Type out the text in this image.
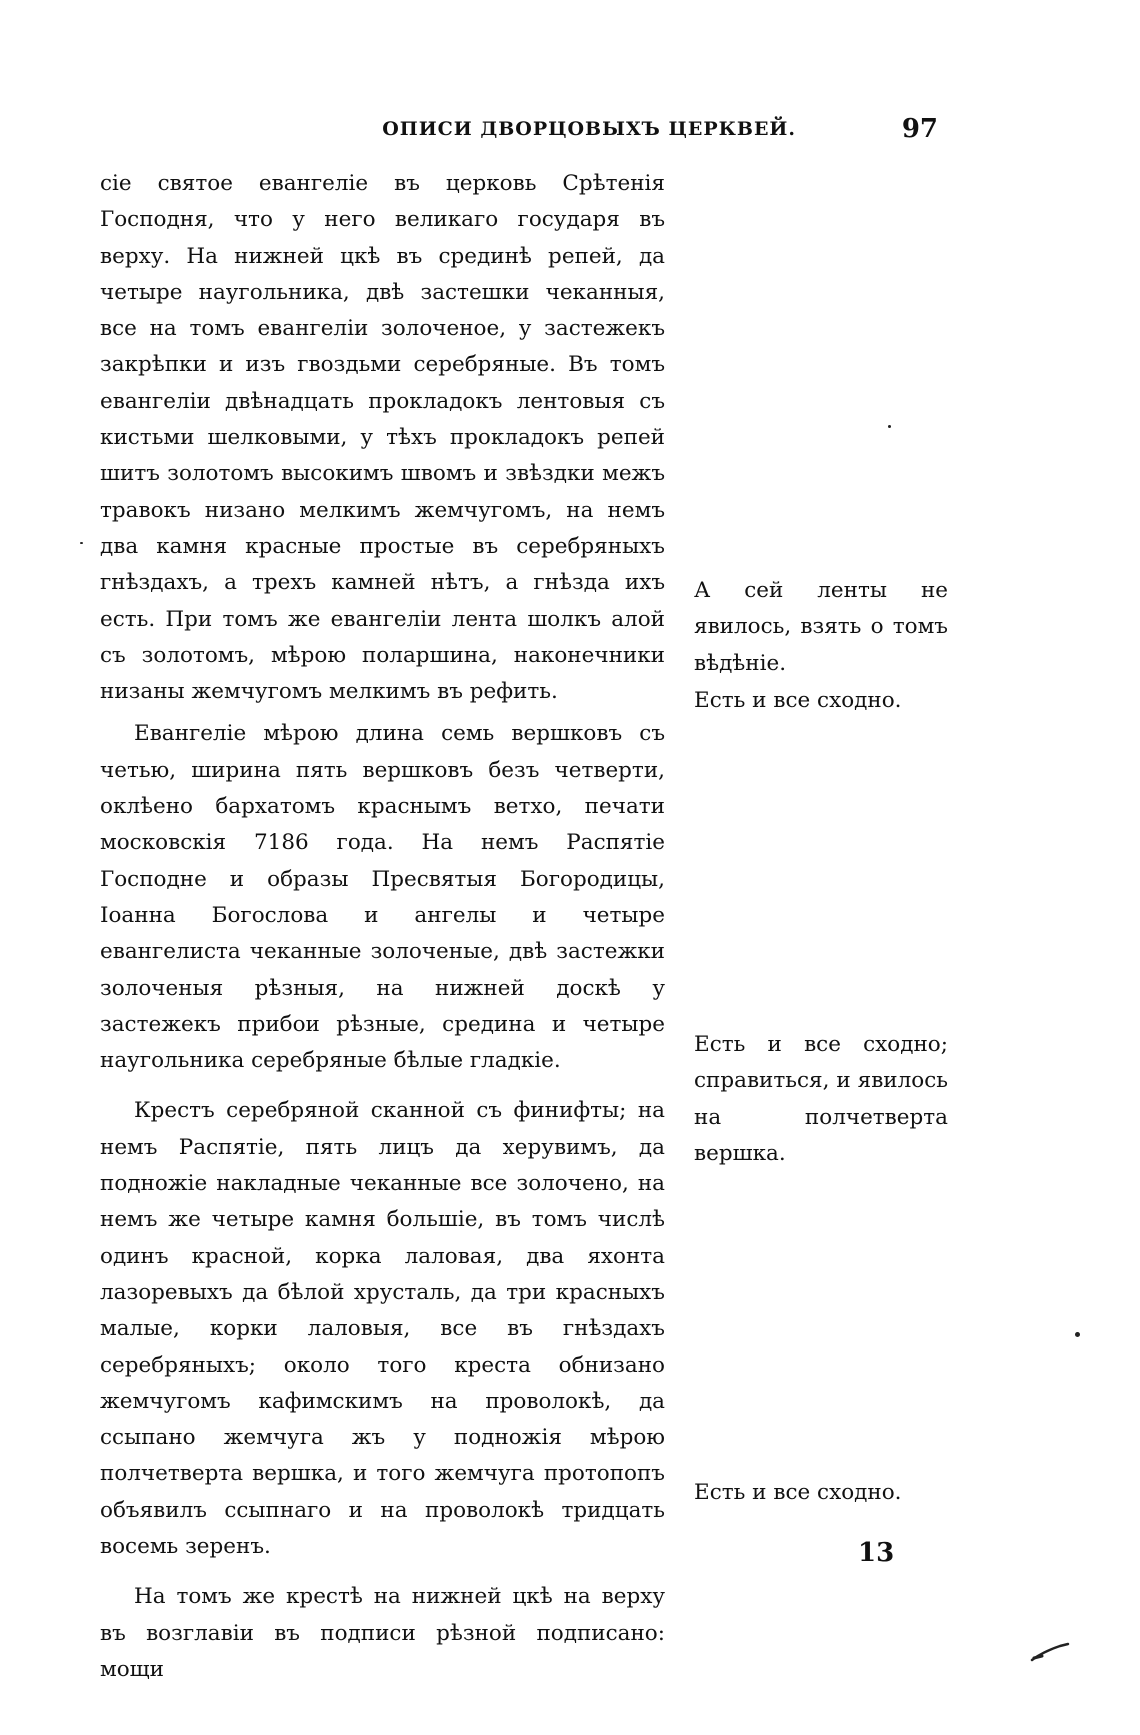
ОПИСИ ДВОРЦОВЫХЪ ЦЕРКВЕЙ.	97

сіе святое евангеліе въ церковь Срѣтенія Господня, что у него великаго государя въ верху. На нижней цкѣ въ срединѣ репей, да четыре наугольника, двѣ застешки чеканныя, все на томъ евангеліи золоченое, у застежекъ закрѣпки и изъ гвоздьми серебряные. Въ томъ евангеліи двѣнадцать прокладокъ лентовыя съ кистьми шелковыми, у тѣхъ прокладокъ репей шитъ золотомъ высокимъ швомъ и звѣздки межъ травокъ низано мелкимъ жемчугомъ, на немъ два камня красные простые въ серебряныхъ гнѣздахъ, а трехъ камней нѣтъ, а гнѣзда ихъ есть. При томъ же евангеліи лента шолкъ алой съ золотомъ, мѣрою поларшина, наконечники низаны жемчугомъ мелкимъ въ рефить.

Евангеліе мѣрою длина семь вершковъ съ четью, ширина пять вершковъ безъ четверти, оклѣено бархатомъ краснымъ ветхо, печати московскія 7186 года. На немъ Распятіе Господне и образы Пресвятыя Богородицы, Іоанна Богослова и ангелы и четыре евангелиста чеканные золоченые, двѣ застежки золоченыя рѣзныя, на нижней доскѣ у застежекъ прибои рѣзные, средина и четыре наугольника серебряные бѣлые гладкіе.

Крестъ серебряной сканной съ финифты; на немъ Распятіе, пять лицъ да херувимъ, да подножіе накладные чеканные все золочено, на немъ же четыре камня большіе, въ томъ числѣ одинъ красной, корка лаловая, два яхонта лазоревыхъ да бѣлой хрусталь, да три красныхъ малые, корки лаловыя, все въ гнѣздахъ серебряныхъ; около того креста обнизано жемчугомъ кафимскимъ на проволокѣ, да ссыпано жемчуга жъ у подножія мѣрою полчетверта вершка, и того жемчуга протопопъ объявилъ ссыпнаго и на проволокѣ тридцать восемь зеренъ.

На томъ же крестѣ на нижней цкѣ на верху въ возглавіи въ подписи рѣзной подписано: мощи

А сей ленты не явилось, взять о томъ вѣдѣніе.
Есть и все сходно.
Есть и все сходно; справиться, и явилось на полчетверта вершка.
Есть и все сходно.
13
